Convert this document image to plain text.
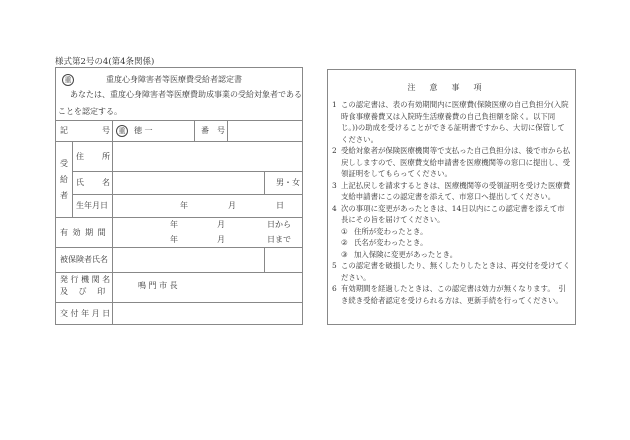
様式第2号の4(第4条関係)
重	重度心身障害者等医療費受給者認定書
あなたは、重度心身障害者等医療費助成事業の受給対象者である
ことを認定する。
記	号	重	徳 一	番　号
受
給
者
住 所
氏 名	男・女
生年月日	年	月	日
有 効 期 間
年	月	日から
年	月	日まで
被保険者氏名
発 行 機 関 名
及　 び　 印
鳴 門 市 長
交 付 年 月 日
注意事項
1 この認定書は、表の有効期間内に医療費(保険医療の自己負担分(入院時食事療養費又は入院時生活療養費の自己負担額を除く。以下同じ。))の助成を受けることができる証明書ですから、大切に保管してください。
2 受給対象者が保険医療機関等で支払った自己負担分は、後で市から払戻ししますので、医療費支給申請書を医療機関等の窓口に提出し、受領証明をしてもらってください。
3 上記払戻しを請求するときは、医療機関等の受領証明を受けた医療費支給申請書にこの認定書を添えて、市窓口へ提出してください。
4 次の事項に変更があったときは、14日以内にこの認定書を添えて市長にその旨を届けてください。
① 住所が変わったとき。
② 氏名が変わったとき。
③ 加入保険に変更があったとき。
5 この認定書を破損したり、無くしたりしたときは、再交付を受けてください。
6 有効期間を経過したときは、この認定書は効力が無くなります。　引き続き受給者認定を受けられる方は、更新手続を行ってください。
